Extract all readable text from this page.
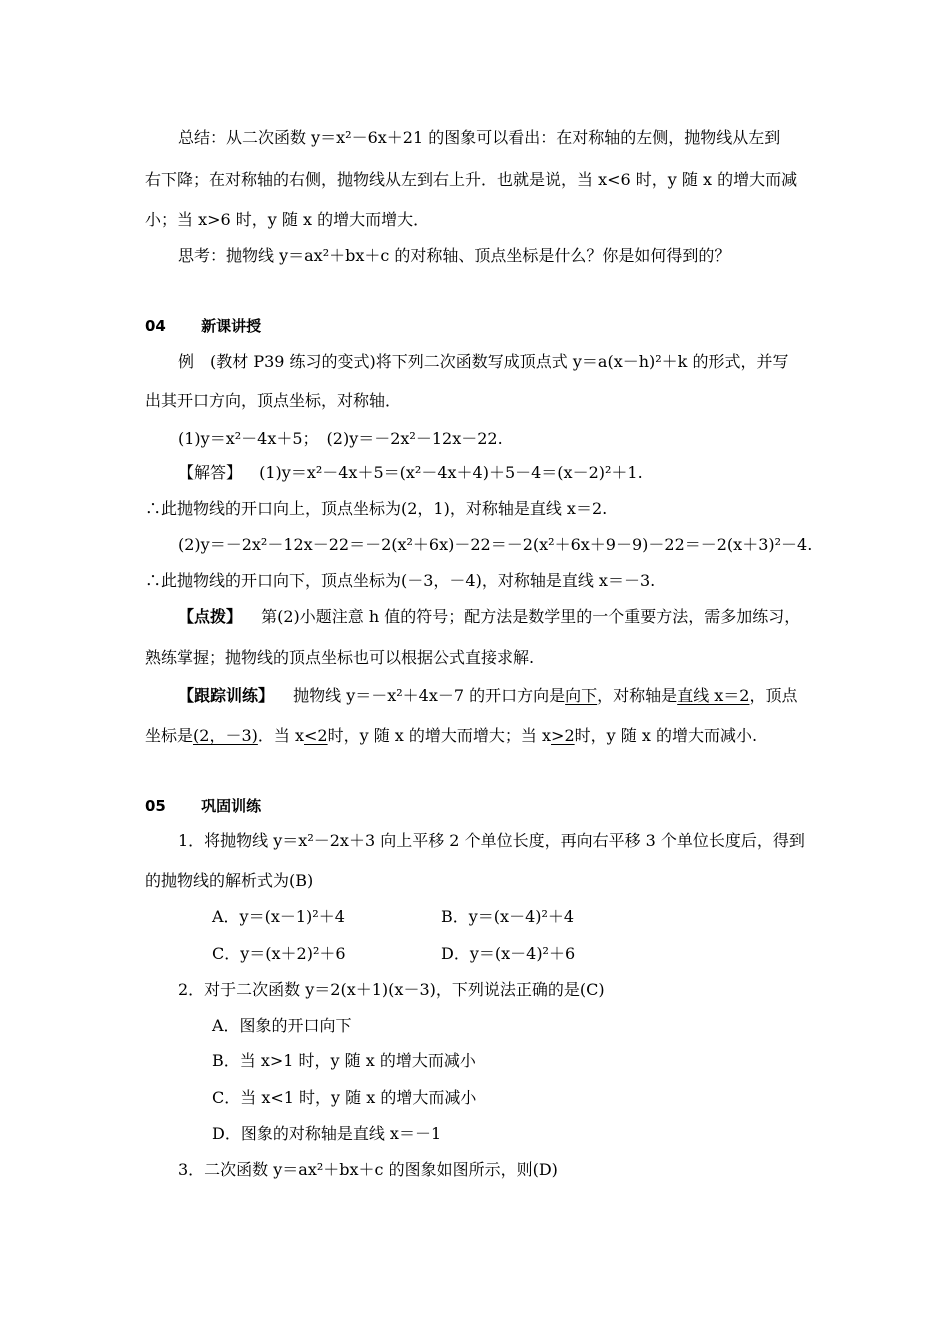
总结：从二次函数 y＝x²－6x＋21 的图象可以看出：在对称轴的左侧，抛物线从左到
右下降；在对称轴的右侧，抛物线从左到右上升．也就是说，当 x<6 时，y 随 x 的增大而减
小；当 x>6 时，y 随 x 的增大而增大．
思考：抛物线 y＝ax²＋bx＋c 的对称轴、顶点坐标是什么？你是如何得到的？
04 新课讲授
例　(教材 P39 练习的变式)将下列二次函数写成顶点式 y＝a(x－h)²＋k 的形式，并写
出其开口方向，顶点坐标，对称轴．
(1)y＝x²－4x＋5；　(2)y＝－2x²－12x－22.
【解答】 (1)y＝x²－4x＋5＝(x²－4x＋4)＋5－4＝(x－2)²＋1.
∴此抛物线的开口向上，顶点坐标为(2，1)，对称轴是直线 x＝2.
(2)y＝－2x²－12x－22＝－2(x²＋6x)－22＝－2(x²＋6x＋9－9)－22＝－2(x＋3)²－4.
∴此抛物线的开口向下，顶点坐标为(－3，－4)，对称轴是直线 x＝－3.
【点拨】 第(2)小题注意 h 值的符号；配方法是数学里的一个重要方法，需多加练习，
熟练掌握；抛物线的顶点坐标也可以根据公式直接求解.
【跟踪训练】 抛物线 y＝－x²＋4x－7 的开口方向是向下，对称轴是直线 x＝2，顶点
坐标是(2，－3)．当 x<2时，y 随 x 的增大而增大；当 x>2时，y 随 x 的增大而减小.
05 巩固训练
1．将抛物线 y＝x²－2x＋3 向上平移 2 个单位长度，再向右平移 3 个单位长度后，得到
的抛物线的解析式为(B)
A．y＝(x－1)²＋4	B．y＝(x－4)²＋4
C．y＝(x＋2)²＋6	D．y＝(x－4)²＋6
2．对于二次函数 y＝2(x＋1)(x－3)，下列说法正确的是(C)
A．图象的开口向下
B．当 x>1 时，y 随 x 的增大而减小
C．当 x<1 时，y 随 x 的增大而减小
D．图象的对称轴是直线 x＝－1
3．二次函数 y＝ax²＋bx＋c 的图象如图所示，则(D)
